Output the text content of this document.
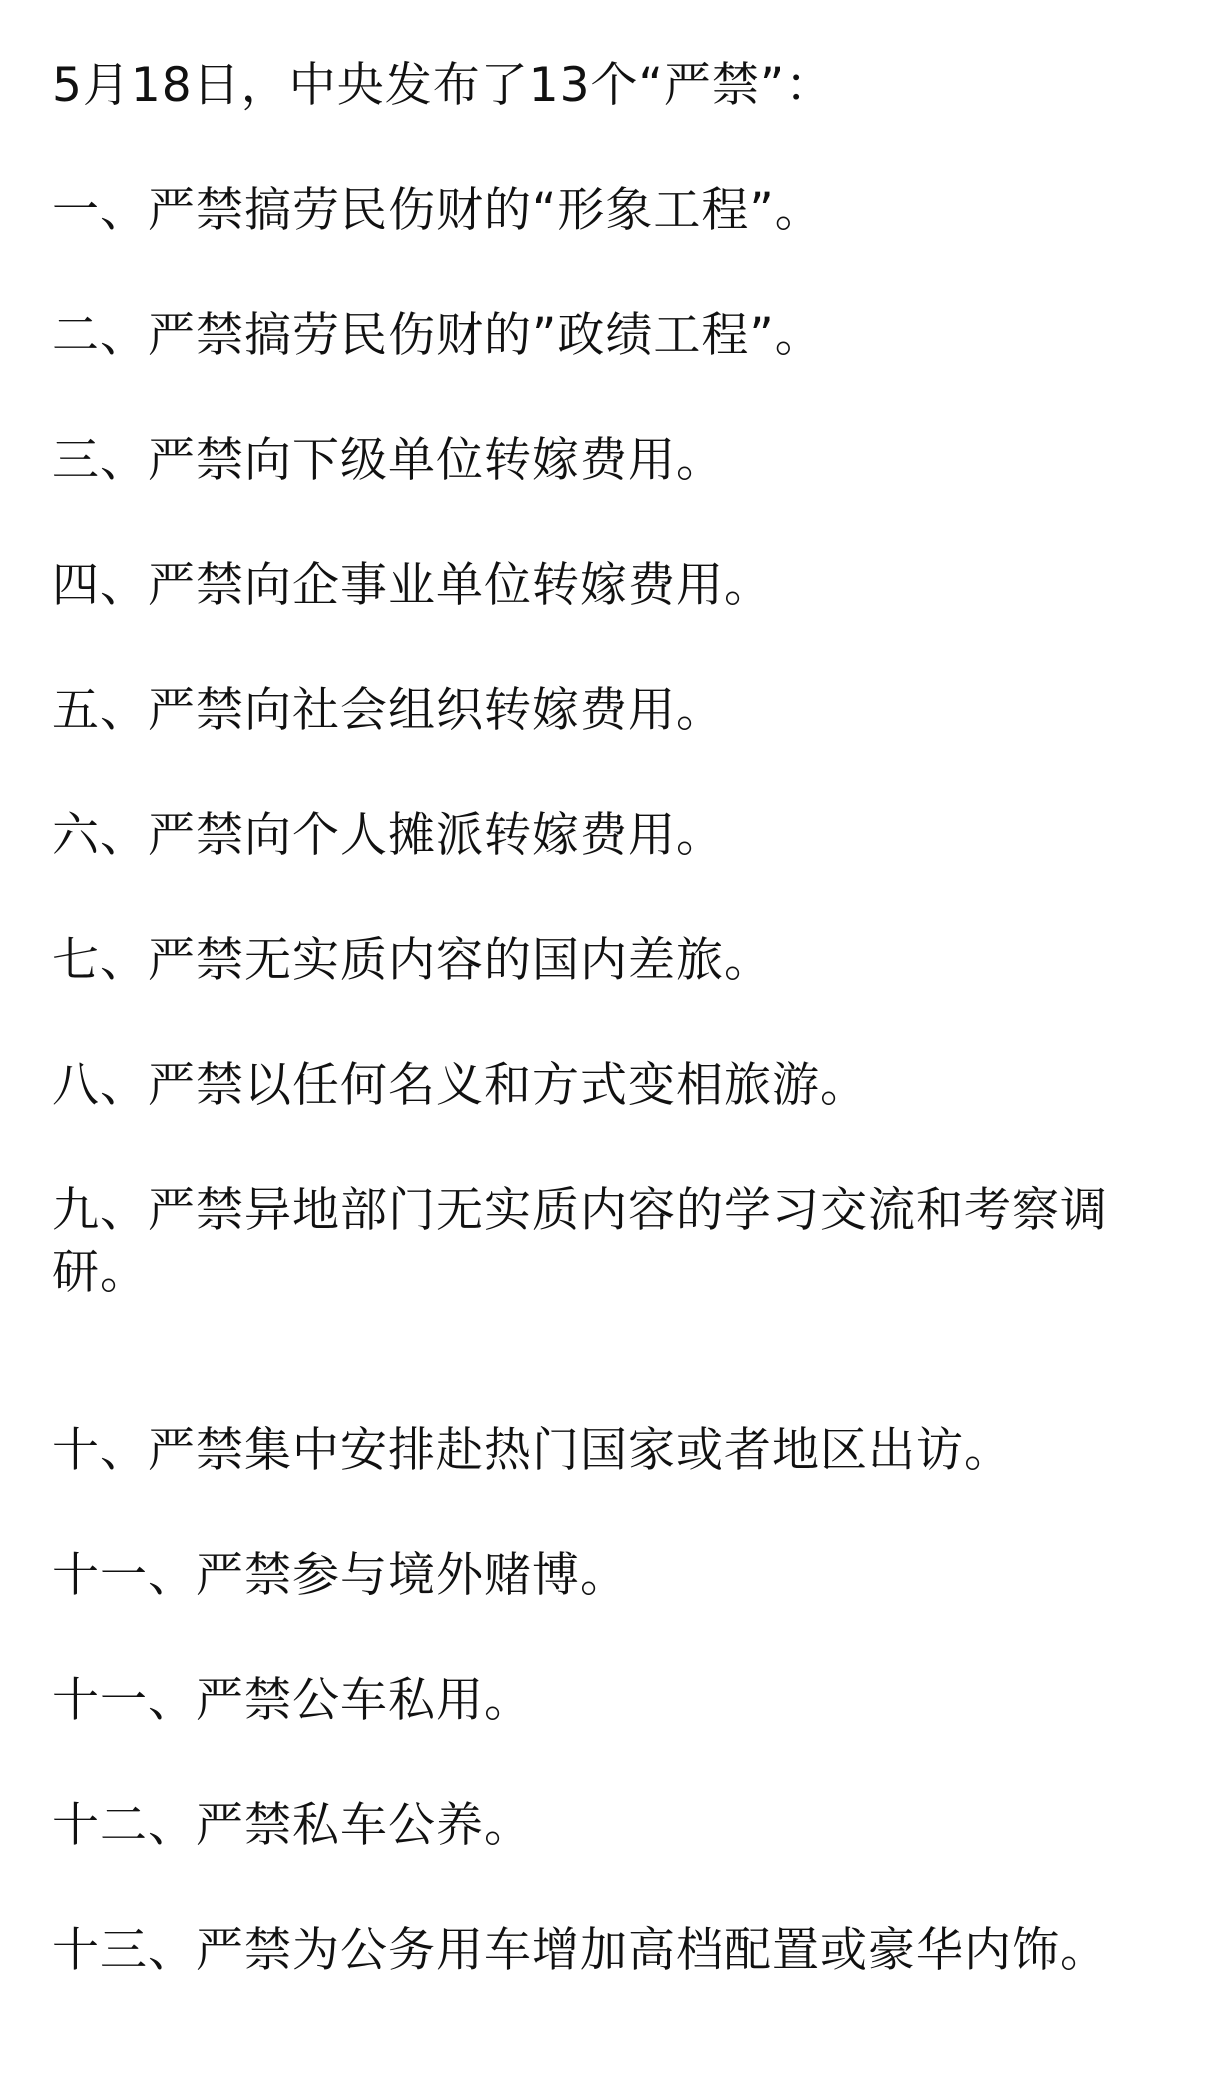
5月18日，中央发布了13个“严禁”：
一、严禁搞劳民伤财的“形象工程”。
二、严禁搞劳民伤财的”政绩工程”。
三、严禁向下级单位转嫁费用。
四、严禁向企事业单位转嫁费用。
五、严禁向社会组织转嫁费用。
六、严禁向个人摊派转嫁费用。
七、严禁无实质内容的国内差旅。
八、严禁以任何名义和方式变相旅游。
九、严禁异地部门无实质内容的学习交流和考察调研。
十、严禁集中安排赴热门国家或者地区出访。
十一、严禁参与境外赌博。
十一、严禁公车私用。
十二、严禁私车公养。
十三、严禁为公务用车增加高档配置或豪华内饰。
